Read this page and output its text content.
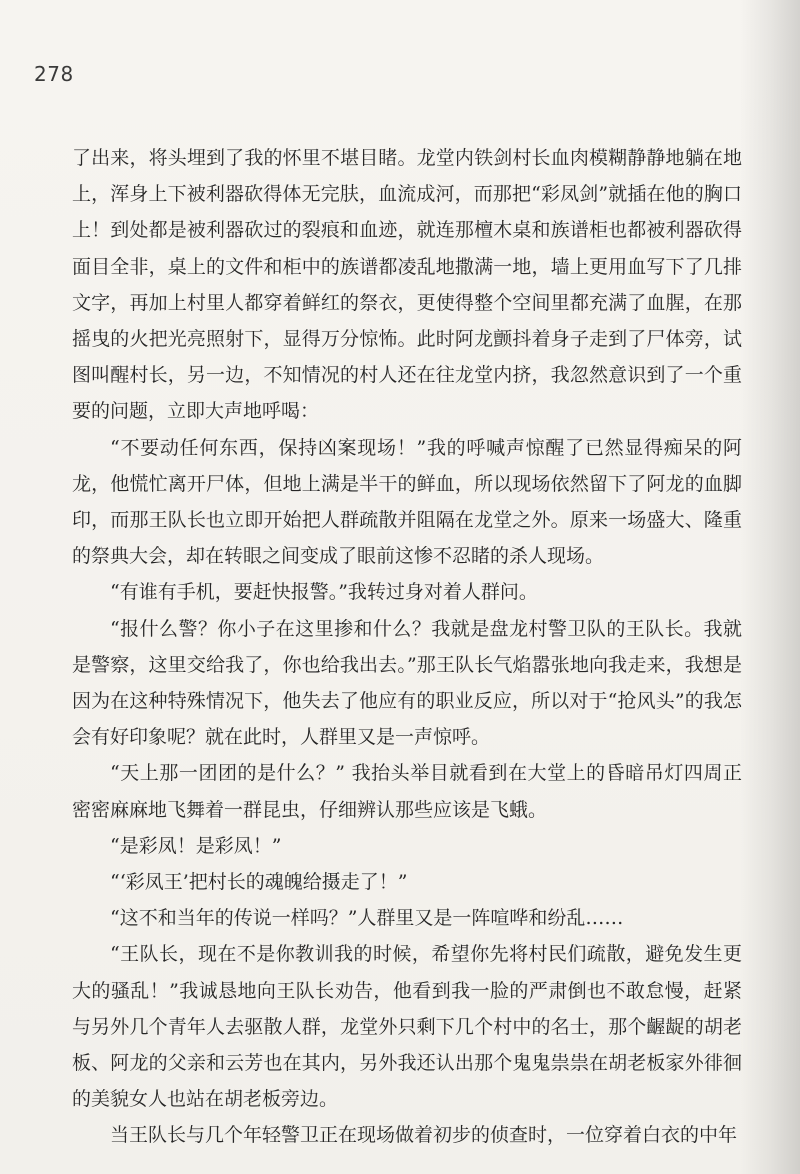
278

了出来，将头埋到了我的怀里不堪目睹。龙堂内铁剑村长血肉模糊静静地躺在地上，浑身上下被利器砍得体无完肤，血流成河，而那把“彩凤剑”就插在他的胸口上！到处都是被利器砍过的裂痕和血迹，就连那檀木桌和族谱柜也都被利器砍得面目全非，桌上的文件和柜中的族谱都凌乱地撒满一地，墙上更用血写下了几排文字，再加上村里人都穿着鲜红的祭衣，更使得整个空间里都充满了血腥，在那摇曳的火把光亮照射下，显得万分惊怖。此时阿龙颤抖着身子走到了尸体旁，试图叫醒村长，另一边，不知情况的村人还在往龙堂内挤，我忽然意识到了一个重要的问题，立即大声地呼喝：

“不要动任何东西，保持凶案现场！”我的呼喊声惊醒了已然显得痴呆的阿龙，他慌忙离开尸体，但地上满是半干的鲜血，所以现场依然留下了阿龙的血脚印，而那王队长也立即开始把人群疏散并阻隔在龙堂之外。原来一场盛大、隆重的祭典大会，却在转眼之间变成了眼前这惨不忍睹的杀人现场。

“有谁有手机，要赶快报警。”我转过身对着人群问。

“报什么警？你小子在这里掺和什么？我就是盘龙村警卫队的王队长。我就是警察，这里交给我了，你也给我出去。”那王队长气焰嚣张地向我走来，我想是因为在这种特殊情况下，他失去了他应有的职业反应，所以对于“抢风头”的我怎会有好印象呢？就在此时，人群里又是一声惊呼。

“天上那一团团的是什么？” 我抬头举目就看到在大堂上的昏暗吊灯四周正密密麻麻地飞舞着一群昆虫，仔细辨认那些应该是飞蛾。

“是彩凤！是彩凤！”

“‘彩凤王’把村长的魂魄给摄走了！”

“这不和当年的传说一样吗？”人群里又是一阵喧哗和纷乱……

“王队长，现在不是你教训我的时候，希望你先将村民们疏散，避免发生更大的骚乱！”我诚恳地向王队长劝告，他看到我一脸的严肃倒也不敢怠慢，赶紧与另外几个青年人去驱散人群，龙堂外只剩下几个村中的名士，那个齷龊的胡老板、阿龙的父亲和云芳也在其内，另外我还认出那个鬼鬼祟祟在胡老板家外徘徊的美貌女人也站在胡老板旁边。

当王队长与几个年轻警卫正在现场做着初步的侦查时，一位穿着白衣的中年
